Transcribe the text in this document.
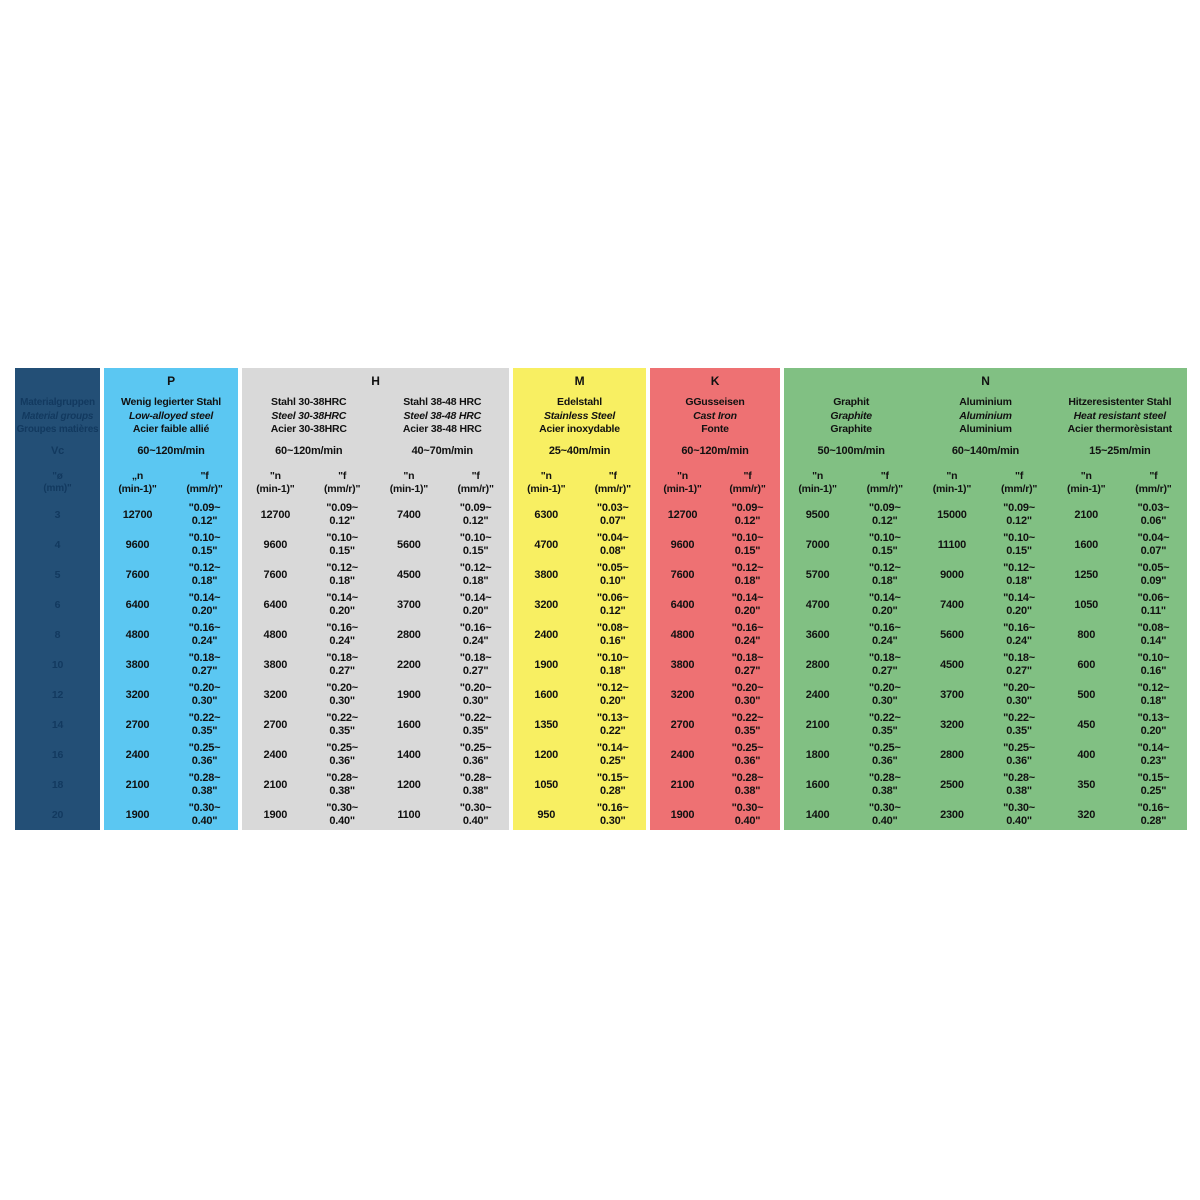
Materialgruppen
Material groups
Groupes matières
Vc
"ø
(mm)"
3
4
5
6
8
10
12
14
16
18
20
P
Wenig legierter Stahl
Low-alloyed steel
Acier faible allié
60~120m/min
„n
(min-1)"
"f
(mm/r)"
12700
"0.09~
0.12"
9600
"0.10~
0.15"
7600
"0.12~
0.18"
6400
"0.14~
0.20"
4800
"0.16~
0.24"
3800
"0.18~
0.27"
3200
"0.20~
0.30"
2700
"0.22~
0.35"
2400
"0.25~
0.36"
2100
"0.28~
0.38"
1900
"0.30~
0.40"
H
Stahl 30-38HRC
Steel 30-38HRC
Acier 30-38HRC
60~120m/min
"n
(min-1)"
"f
(mm/r)"
12700
"0.09~
0.12"
9600
"0.10~
0.15"
7600
"0.12~
0.18"
6400
"0.14~
0.20"
4800
"0.16~
0.24"
3800
"0.18~
0.27"
3200
"0.20~
0.30"
2700
"0.22~
0.35"
2400
"0.25~
0.36"
2100
"0.28~
0.38"
1900
"0.30~
0.40"
Stahl 38-48 HRC
Steel 38-48 HRC
Acier 38-48 HRC
40~70m/min
"n
(min-1)"
"f
(mm/r)"
7400
"0.09~
0.12"
5600
"0.10~
0.15"
4500
"0.12~
0.18"
3700
"0.14~
0.20"
2800
"0.16~
0.24"
2200
"0.18~
0.27"
1900
"0.20~
0.30"
1600
"0.22~
0.35"
1400
"0.25~
0.36"
1200
"0.28~
0.38"
1100
"0.30~
0.40"
M
Edelstahl
Stainless Steel
Acier inoxydable
25~40m/min
"n
(min-1)"
"f
(mm/r)"
6300
"0.03~
0.07"
4700
"0.04~
0.08"
3800
"0.05~
0.10"
3200
"0.06~
0.12"
2400
"0.08~
0.16"
1900
"0.10~
0.18"
1600
"0.12~
0.20"
1350
"0.13~
0.22"
1200
"0.14~
0.25"
1050
"0.15~
0.28"
950
"0.16~
0.30"
K
GGusseisen
Cast Iron
Fonte
60~120m/min
"n
(min-1)"
"f
(mm/r)"
12700
"0.09~
0.12"
9600
"0.10~
0.15"
7600
"0.12~
0.18"
6400
"0.14~
0.20"
4800
"0.16~
0.24"
3800
"0.18~
0.27"
3200
"0.20~
0.30"
2700
"0.22~
0.35"
2400
"0.25~
0.36"
2100
"0.28~
0.38"
1900
"0.30~
0.40"
N
Graphit
Graphite
Graphite
50~100m/min
"n
(min-1)"
"f
(mm/r)"
9500
"0.09~
0.12"
7000
"0.10~
0.15"
5700
"0.12~
0.18"
4700
"0.14~
0.20"
3600
"0.16~
0.24"
2800
"0.18~
0.27"
2400
"0.20~
0.30"
2100
"0.22~
0.35"
1800
"0.25~
0.36"
1600
"0.28~
0.38"
1400
"0.30~
0.40"
Aluminium
Aluminium
Aluminium
60~140m/min
"n
(min-1)"
"f
(mm/r)"
15000
"0.09~
0.12"
11100
"0.10~
0.15"
9000
"0.12~
0.18"
7400
"0.14~
0.20"
5600
"0.16~
0.24"
4500
"0.18~
0.27"
3700
"0.20~
0.30"
3200
"0.22~
0.35"
2800
"0.25~
0.36"
2500
"0.28~
0.38"
2300
"0.30~
0.40"
Hitzeresistenter Stahl
Heat resistant steel
Acier thermorèsistant
15~25m/min
"n
(min-1)"
"f
(mm/r)"
2100
"0.03~
0.06"
1600
"0.04~
0.07"
1250
"0.05~
0.09"
1050
"0.06~
0.11"
800
"0.08~
0.14"
600
"0.10~
0.16"
500
"0.12~
0.18"
450
"0.13~
0.20"
400
"0.14~
0.23"
350
"0.15~
0.25"
320
"0.16~
0.28"
